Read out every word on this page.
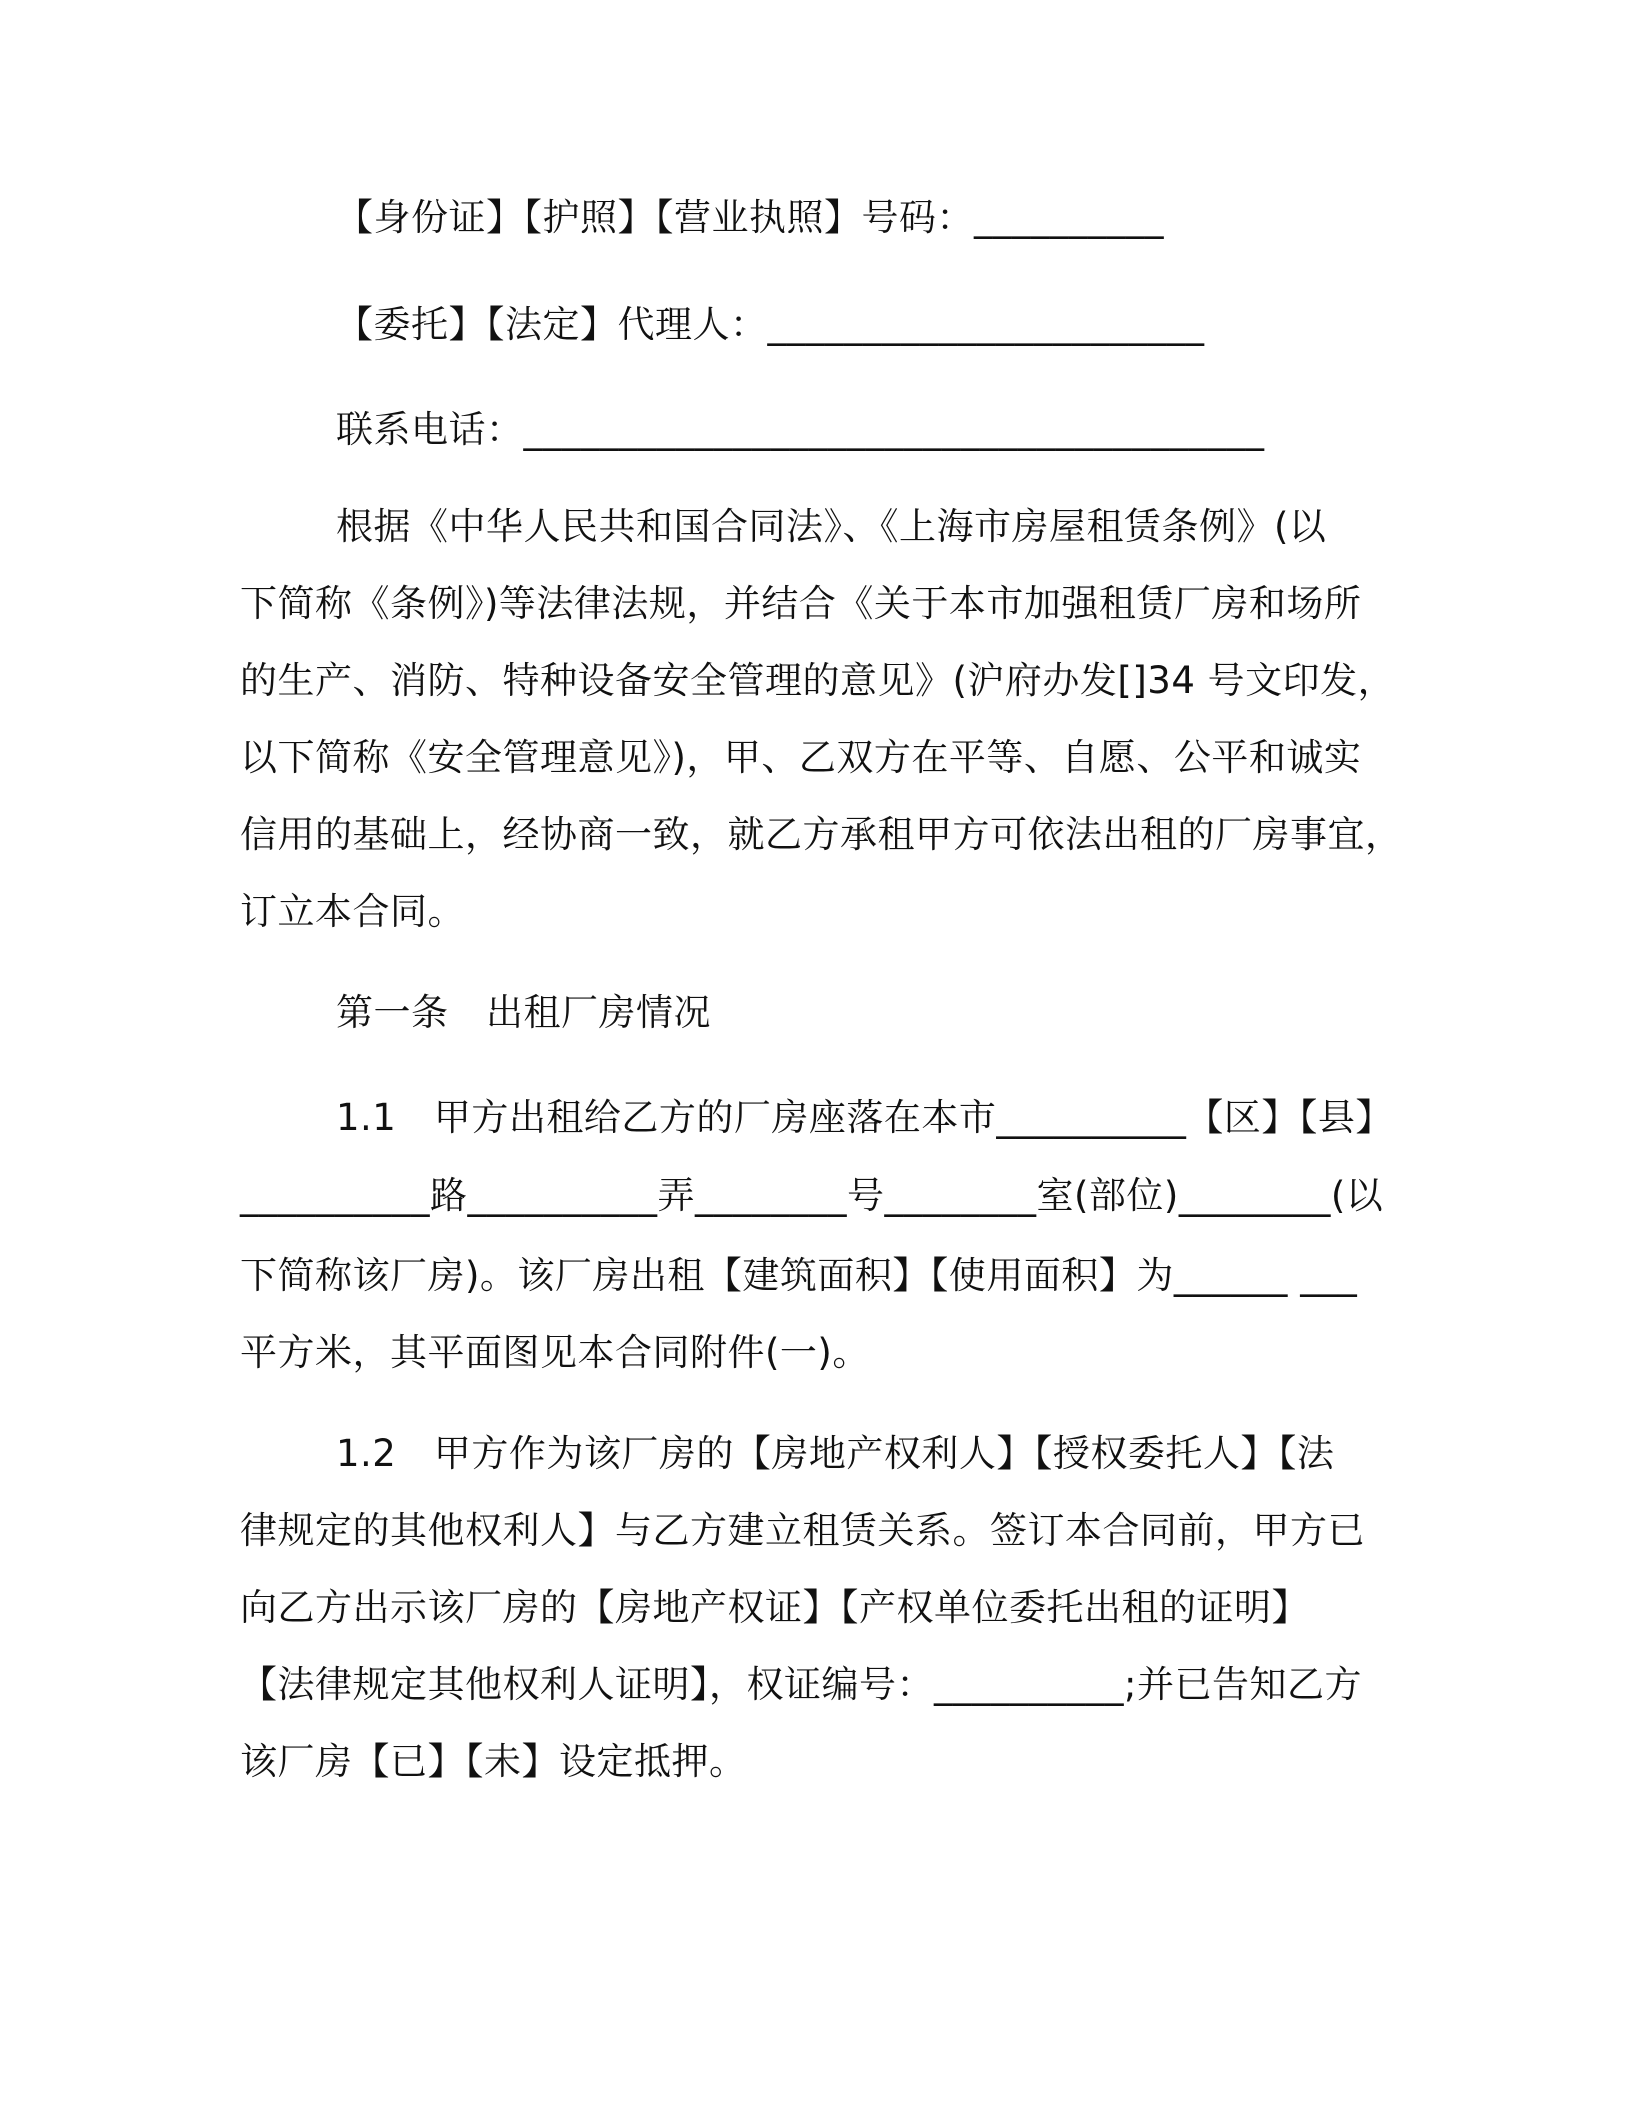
【身份证】【护照】【营业执照】号码：__________
【委托】【法定】代理人：_______________________
联系电话：_______________________________________
根据《中华人民共和国合同法》、《上海市房屋租赁条例》(以
下简称《条例》)等法律法规，并结合《关于本市加强租赁厂房和场所
的生产、消防、特种设备安全管理的意见》(沪府办发[]34 号文印发，
以下简称《安全管理意见》)，甲、乙双方在平等、自愿、公平和诚实
信用的基础上，经协商一致，就乙方承租甲方可依法出租的厂房事宜，
订立本合同。
第一条　出租厂房情况
1.1　甲方出租给乙方的厂房座落在本市__________【区】【县】
__________路__________弄________号________室(部位)________(以
下简称该厂房)。该厂房出租【建筑面积】【使用面积】为______ ___
平方米，其平面图见本合同附件(一)。
1.2　甲方作为该厂房的【房地产权利人】【授权委托人】【法
律规定的其他权利人】与乙方建立租赁关系。签订本合同前，甲方已
向乙方出示该厂房的【房地产权证】【产权单位委托出租的证明】
【法律规定其他权利人证明】，权证编号：__________;并已告知乙方
该厂房【已】【未】设定抵押。
